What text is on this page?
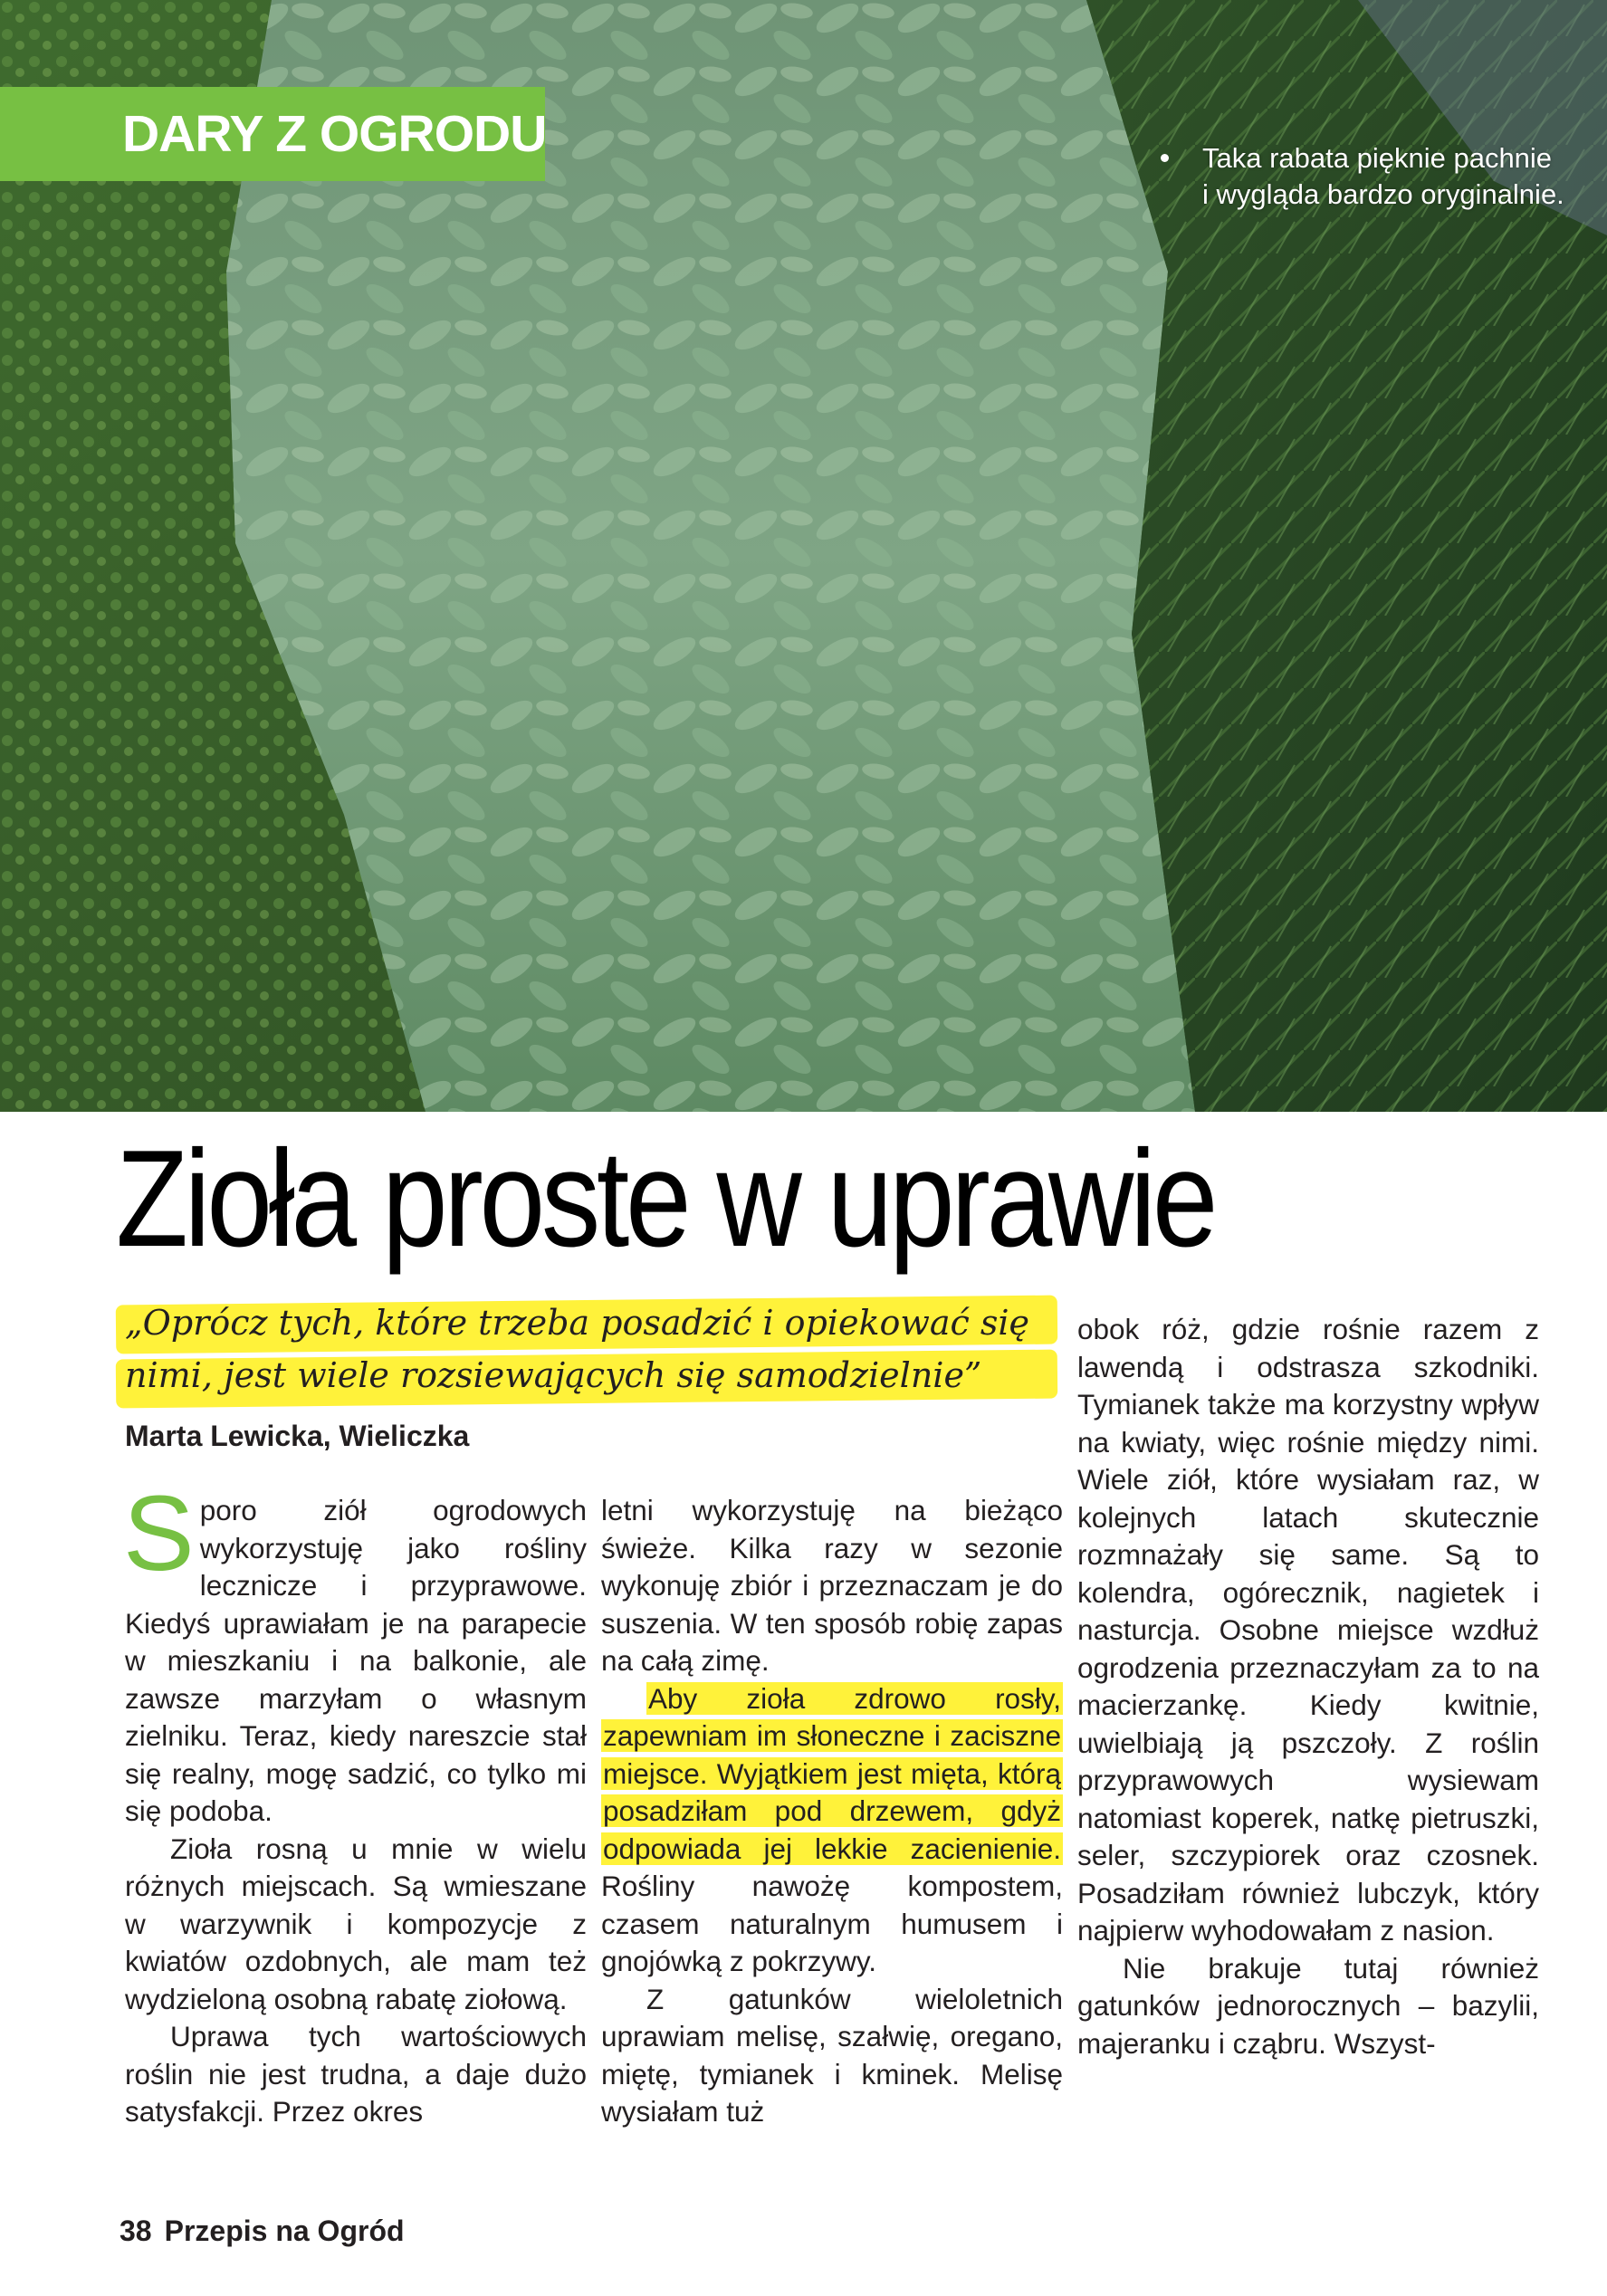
DARY Z OGRODU	Taka rabata pięknie pachnie i wygląda bardzo oryginalnie.
Zioła proste w uprawie
„Oprócz tych, które trzeba posadzić i opiekować się
nimi, jest wiele rozsiewających się samodzielnie”
Marta Lewicka, Wieliczka

Sporo ziół ogrodowych wykorzystuję jako rośliny lecznicze i przyprawowe. Kiedyś uprawiałam je na parapecie w mieszkaniu i na balkonie, ale zawsze marzyłam o własnym zielniku. Teraz, kiedy nareszcie stał się realny, mogę sadzić, co tylko mi się podoba.

Zioła rosną u mnie w wielu różnych miejscach. Są wmieszane w warzywnik i kompozycje z kwiatów ozdobnych, ale mam też wydzieloną osobną rabatę ziołową.

Uprawa tych wartościowych roślin nie jest trudna, a daje dużo satysfakcji. Przez okres

letni wykorzystuję na bieżąco świeże. Kilka razy w sezonie wykonuję zbiór i przeznaczam je do suszenia. W ten sposób robię zapas na całą zimę.

Aby zioła zdrowo rosły, zapewniam im słoneczne i zaciszne miejsce. Wyjątkiem jest mięta, którą posadziłam pod drzewem, gdyż odpowiada jej lekkie zacienienie. Rośliny nawożę kompostem, czasem naturalnym humusem i gnojówką z pokrzywy.

Z gatunków wieloletnich uprawiam melisę, szałwię, oregano, miętę, tymianek i kminek. Melisę wysiałam tuż

obok róż, gdzie rośnie razem z lawendą i odstrasza szkodniki. Tymianek także ma korzystny wpływ na kwiaty, więc rośnie między nimi. Wiele ziół, które wysiałam raz, w kolejnych latach skutecznie rozmnażały się same. Są to kolendra, ogórecznik, nagietek i nasturcja. Osobne miejsce wzdłuż ogrodzenia przeznaczyłam za to na macierzankę. Kiedy kwitnie, uwielbiają ją pszczoły. Z roślin przyprawowych wysiewam natomiast koperek, natkę pietruszki, seler, szczypiorek oraz czosnek. Posadziłam również lubczyk, który najpierw wyhodowałam z nasion.

Nie brakuje tutaj również gatunków jednorocznych – bazylii, majeranku i cząbru. Wszyst-

38 Przepis na Ogród
